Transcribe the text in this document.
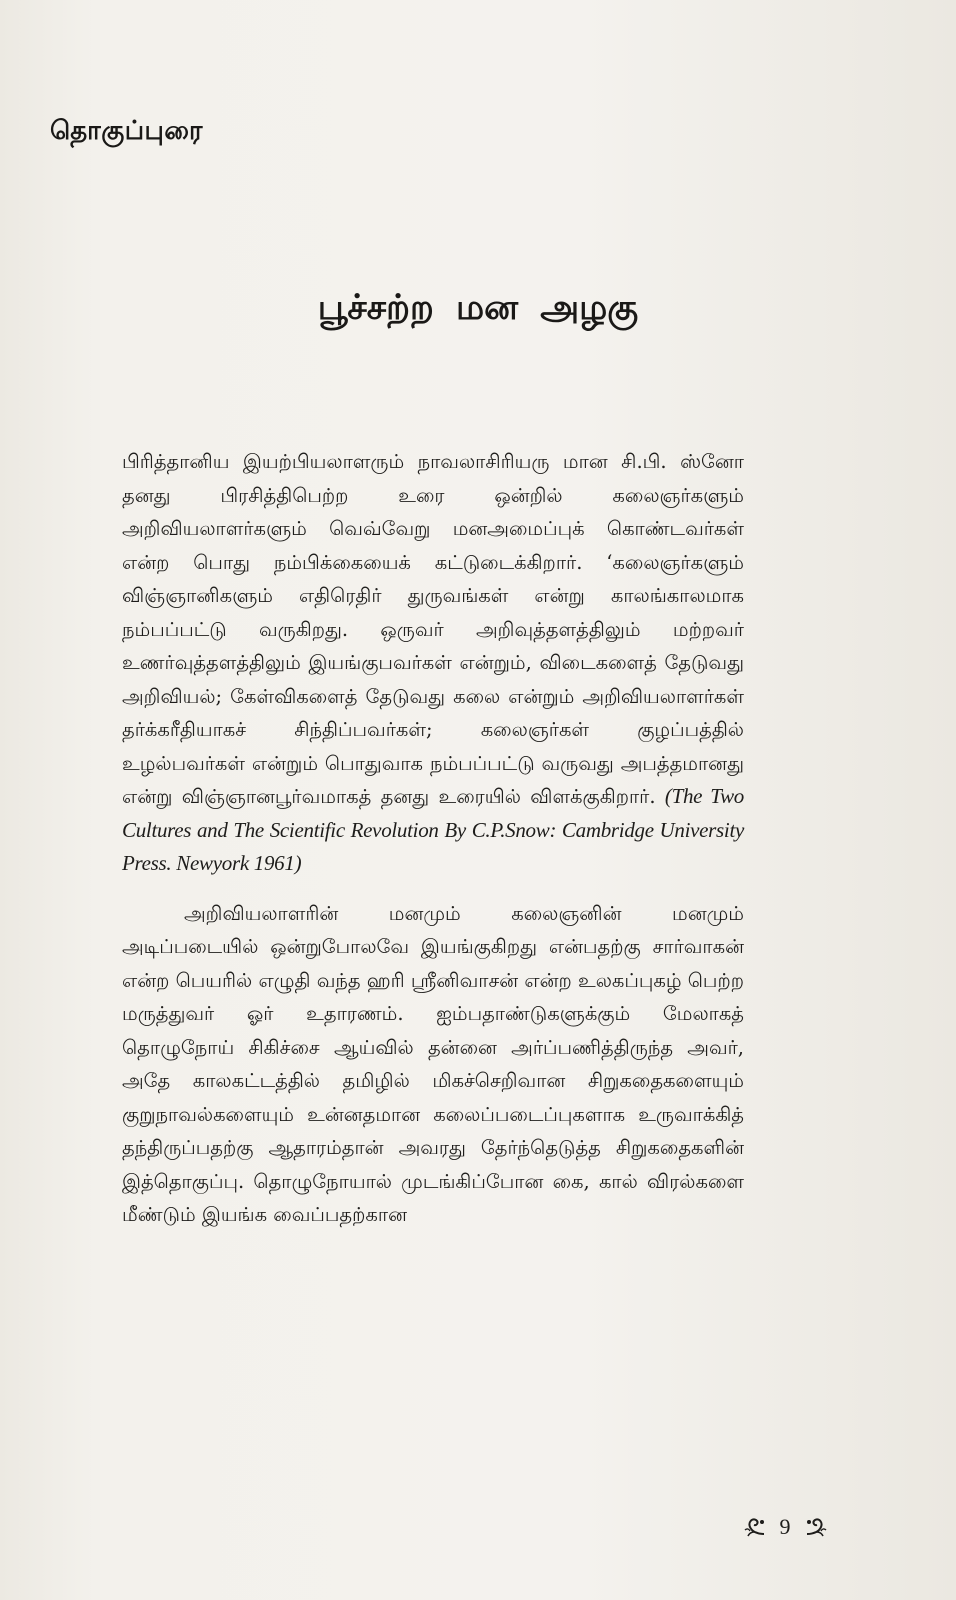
தொகுப்புரை
பூச்சற்ற மன அழகு

பிரித்தானிய இயற்பியலாளரும் நாவலாசிரியரு மான சி.பி. ஸ்னோ தனது பிரசித்திபெற்ற உரை ஒன்றில் கலைஞர்களும் அறிவியலாளர்களும் வெவ்வேறு மனஅமைப்புக் கொண்டவர்கள் என்ற பொது நம்பிக்கையைக் கட்டுடைக்கிறார். ‘கலைஞர்களும் விஞ்ஞானிகளும் எதிரெதிர் துருவங்கள் என்று காலங்காலமாக நம்பப்பட்டு வருகிறது. ஒருவர் அறிவுத்தளத்திலும் மற்றவர் உணர்வுத்தளத்திலும் இயங்குபவர்கள் என்றும், விடைகளைத் தேடுவது அறிவியல்; கேள்விகளைத் தேடுவது கலை என்றும் அறிவியலாளர்கள் தர்க்கரீதியாகச் சிந்திப்பவர்கள்; கலைஞர்கள் குழப்பத்தில் உழல்பவர்கள் என்றும் பொதுவாக நம்பப்பட்டு வருவது அபத்தமானது என்று விஞ்ஞானபூர்வமாகத் தனது உரையில் விளக்குகிறார். (The Two Cultures and The Scientific Revolution By C.P.Snow: Cambridge University Press. Newyork 1961)

அறிவியலாளரின் மனமும் கலைஞனின் மனமும் அடிப்படையில் ஒன்றுபோலவே இயங்குகிறது என்பதற்கு சார்வாகன் என்ற பெயரில் எழுதி வந்த ஹரி ஸ்ரீனிவாசன் என்ற உலகப்புகழ் பெற்ற மருத்துவர் ஓர் உதாரணம். ஐம்பதாண்டுகளுக்கும் மேலாகத் தொழுநோய் சிகிச்சை ஆய்வில் தன்னை அர்ப்பணித்திருந்த அவர், அதே காலகட்டத்தில் தமிழில் மிகச்செறிவான சிறுகதைகளையும் குறுநாவல்களையும் உன்னதமான கலைப்படைப்புகளாக உருவாக்கித் தந்திருப்பதற்கு ஆதாரம்தான் அவரது தேர்ந்தெடுத்த சிறுகதைகளின் இத்தொகுப்பு. தொழுநோயால் முடங்கிப்போன கை, கால் விரல்களை மீண்டும் இயங்க வைப்பதற்கான

9
